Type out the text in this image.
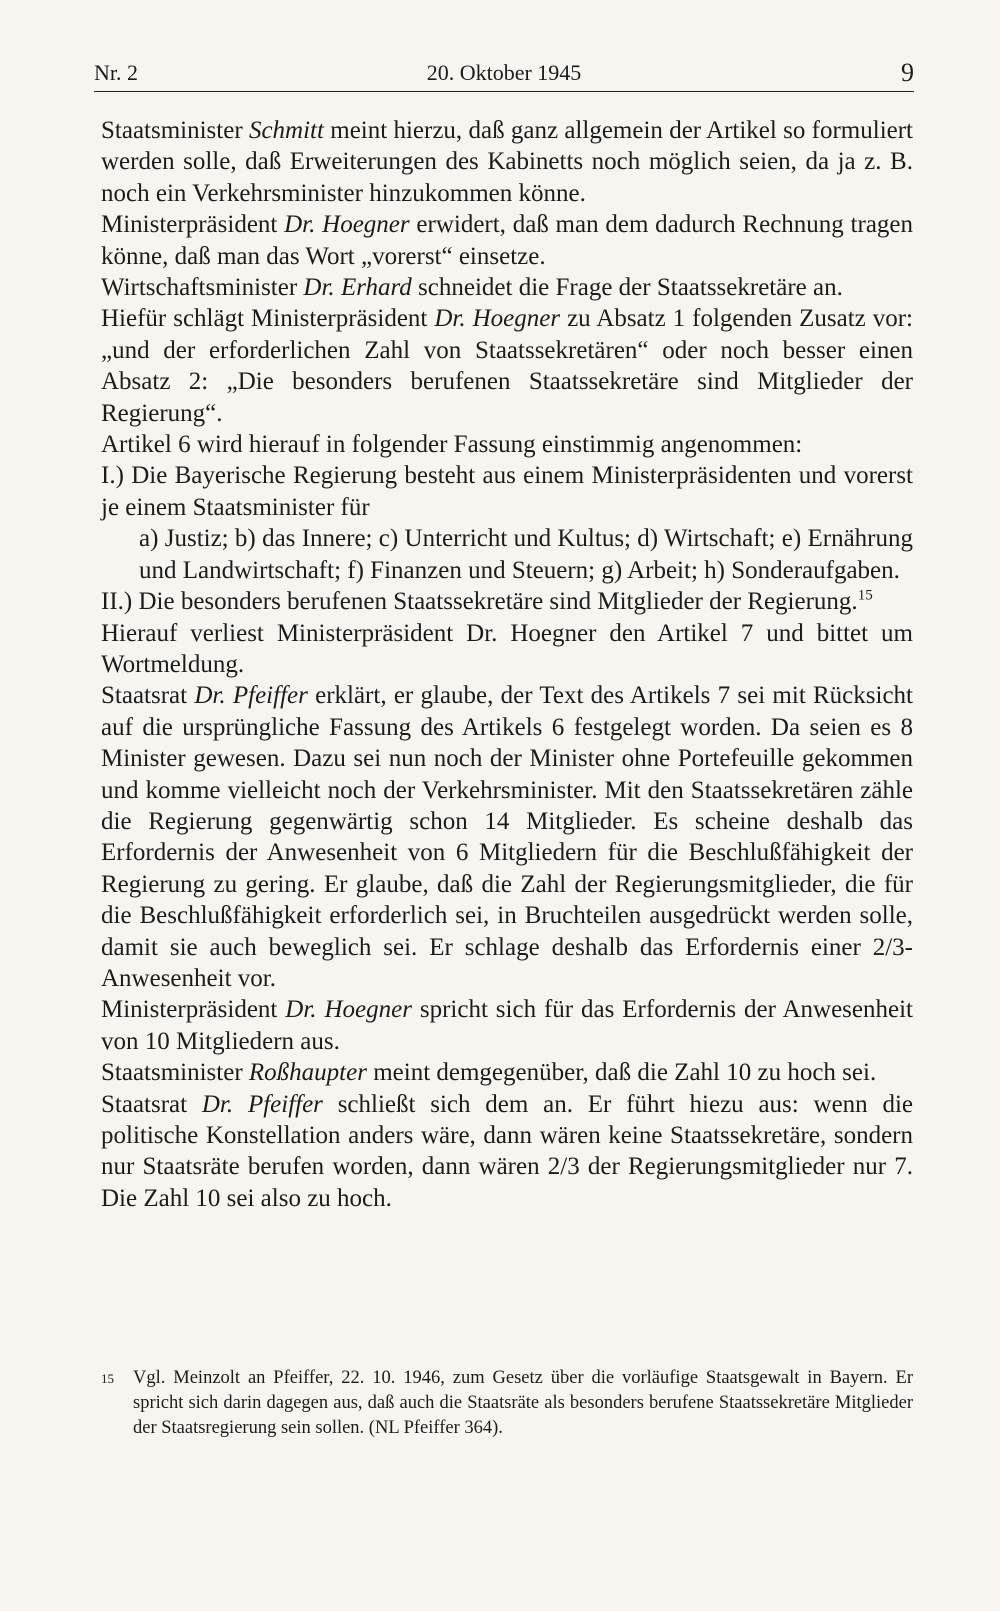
Nr. 2	20. Oktober 1945	9

Staatsminister Schmitt meint hierzu, daß ganz allgemein der Artikel so formuliert werden solle, daß Erweiterungen des Kabinetts noch möglich seien, da ja z. B. noch ein Verkehrsminister hinzukommen könne.

Ministerpräsident Dr. Hoegner erwidert, daß man dem dadurch Rechnung tragen könne, daß man das Wort „vorerst“ einsetze.

Wirtschaftsminister Dr. Erhard schneidet die Frage der Staatssekretäre an.

Hiefür schlägt Ministerpräsident Dr. Hoegner zu Absatz 1 folgenden Zusatz vor: „und der erforderlichen Zahl von Staatssekretären“ oder noch besser einen Absatz 2: „Die besonders berufenen Staatssekretäre sind Mitglieder der Regierung“.

Artikel 6 wird hierauf in folgender Fassung einstimmig angenommen:

I.) Die Bayerische Regierung besteht aus einem Ministerpräsidenten und vorerst je einem Staatsminister für

a) Justiz; b) das Innere; c) Unterricht und Kultus; d) Wirtschaft; e) Ernährung und Landwirtschaft; f) Finanzen und Steuern; g) Arbeit; h) Sonderaufgaben.

II.) Die besonders berufenen Staatssekretäre sind Mitglieder der Regierung.$^{15}$

Hierauf verliest Ministerpräsident Dr. Hoegner den Artikel 7 und bittet um Wortmeldung.

Staatsrat Dr. Pfeiffer erklärt, er glaube, der Text des Artikels 7 sei mit Rücksicht auf die ursprüngliche Fassung des Artikels 6 festgelegt worden. Da seien es 8 Minister gewesen. Dazu sei nun noch der Minister ohne Portefeuille gekommen und komme vielleicht noch der Verkehrsminister. Mit den Staatssekretären zähle die Regierung gegenwärtig schon 14 Mitglieder. Es scheine deshalb das Erfordernis der Anwesenheit von 6 Mitgliedern für die Beschlußfähigkeit der Regierung zu gering. Er glaube, daß die Zahl der Regierungsmitglieder, die für die Beschlußfähigkeit erforderlich sei, in Bruchteilen ausgedrückt werden solle, damit sie auch beweglich sei. Er schlage deshalb das Erfordernis einer 2/3-Anwesenheit vor.

Ministerpräsident Dr. Hoegner spricht sich für das Erfordernis der Anwesenheit von 10 Mitgliedern aus.

Staatsminister Roßhaupter meint demgegenüber, daß die Zahl 10 zu hoch sei.

Staatsrat Dr. Pfeiffer schließt sich dem an. Er führt hiezu aus: wenn die politische Konstellation anders wäre, dann wären keine Staatssekretäre, sondern nur Staatsräte berufen worden, dann wären 2/3 der Regierungsmitglieder nur 7. Die Zahl 10 sei also zu hoch.

15	Vgl. Meinzolt an Pfeiffer, 22. 10. 1946, zum Gesetz über die vorläufige Staatsgewalt in Bayern. Er spricht sich darin dagegen aus, daß auch die Staatsräte als besonders berufene Staatssekretäre Mitglieder der Staatsregierung sein sollen. (NL Pfeiffer 364).
